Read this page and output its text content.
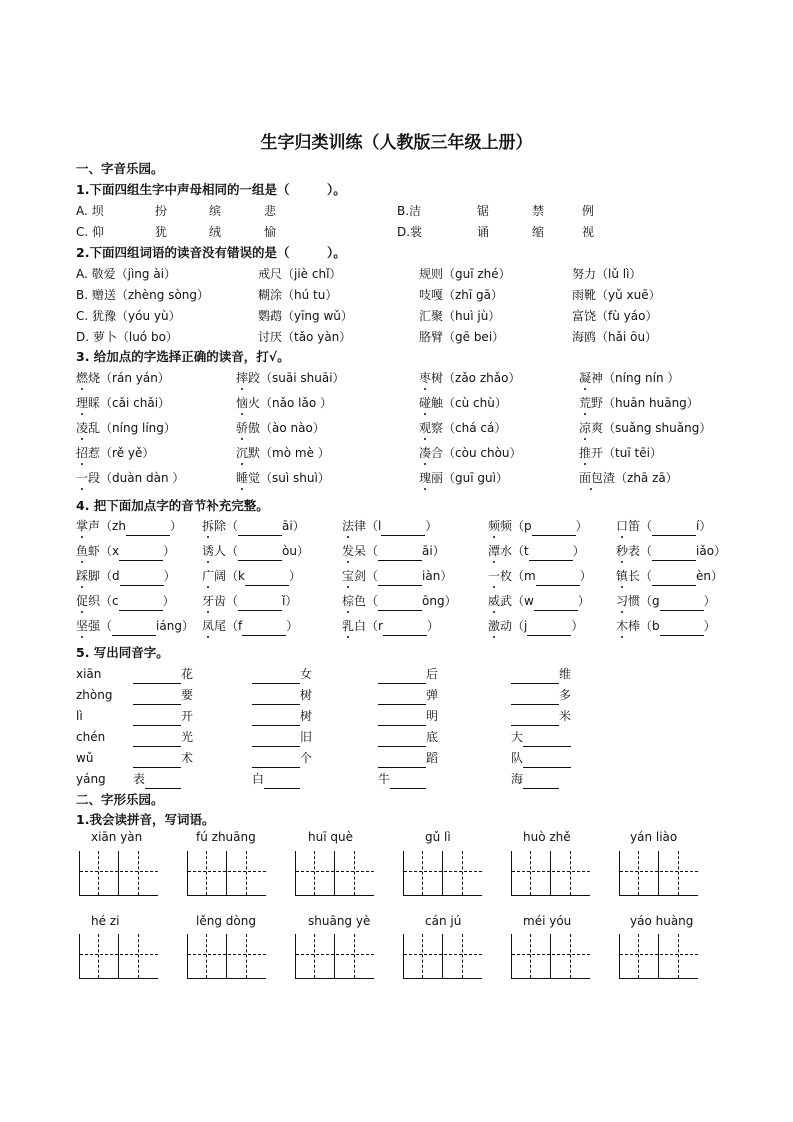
生字归类训练（人教版三年级上册）
一、字音乐园。
1.下面四组生字中声母相同的一组是（　　　）。
A. 坝	扮	缤	悲	B.洁	锯	禁	例
C. 仰	犹	绒	愉	D.裳	诵	缩	视
2.下面四组词语的读音没有错误的是（　　　）。
3. 给加点的字选择正确的读音，打√。
4. 把下面加点字的音节补充完整。
5. 写出同音字。
二、字形乐园。
1.我会读拼音，写词语。
A. 敬爱（jìng ài）	戒尺（jiè chǐ）	规则（guī zhé）	努力（lǔ lì）
B. 赠送（zhèng sòng）	糊涂（hú tu）	吱嘎（zhī gā）	雨靴（yǔ xuē）
C. 犹豫（yóu yù）	鹦鹉（yīng wǔ）	汇聚（huì jù）	富饶（fù yáo）
D. 萝卜（luó bo）	讨厌（tǎo yàn）	胳臂（gē bei）	海鸥（hǎi ōu）
燃烧（rán yán）	摔跤（suāi shuāi）	枣树（zǎo zhǎo）	凝神（níng nín ）
理睬（cǎi chǎi）	恼火（nǎo lǎo ）	碰触（cù chù）	荒野（huān huāng）
凌乱（níng líng）	骄傲（ào nào）	观察（chá cá）	凉爽（suǎng shuǎng）
招惹（rě yě）	沉默（mò mè ）	凑合（còu chòu）	推开（tuī tēi）
一段（duàn dàn ）	睡觉（suì shuì）	瑰丽（guī guì）	面包渣（zhā zā）
掌声（zh	） 拆除（	āi）	法律（l	）	频频（p	） 口笛（	í）
鱼虾（x	） 诱人（	òu）	发呆（	āi）	潭水（t	）	秒表（	iǎo）
踩脚（d	） 广阔（k	）	宝剑（	iàn）	一枚（m	） 镇长（	èn）
促织（c	） 牙齿（	ǐ）	棕色（	ōng）	威武（w	） 习惯（g	）
坚强（	iáng） 凤尾（f	）	乳白（r	）	激动（j	）	木棒（b	）
xiān	花	女	后	维
zhòng	要	树	弹	多
lì	开	树	明	米
chén	光	旧	底	大
wǔ	术	个	蹈	队
yáng 表	白	牛	海
xiān yàn	fú zhuāng	huī què	gǔ lì	huò zhě	yán liào
hé zi	lěng dòng	shuāng yè	cán jú	méi yóu	yáo huàng
